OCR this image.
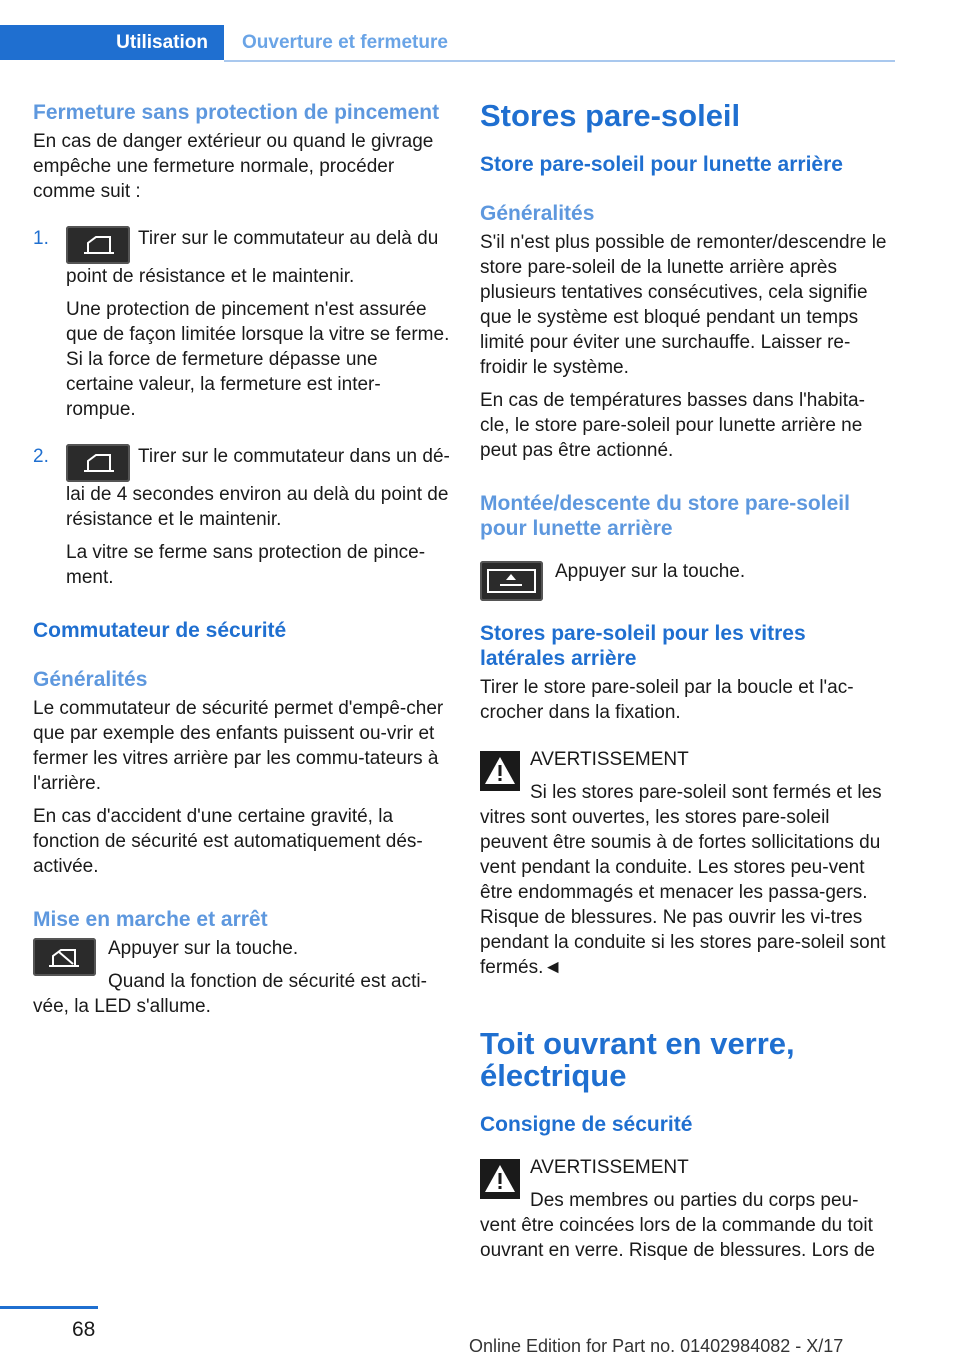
Utilisation	Ouverture et fermeture
Fermeture sans protection de pincement

En cas de danger extérieur ou quand le givrage empêche une fermeture normale, procéder comme suit :

1.	Tirer sur le commutateur au delà du point de résistance et le maintenir.

Une protection de pincement n'est assurée que de façon limitée lorsque la vitre se ferme. Si la force de fermeture dépasse une certaine valeur, la fermeture est inter-rompue.

2.	Tirer sur le commutateur dans un dé-lai de 4 secondes environ au delà du point de résistance et le maintenir.

La vitre se ferme sans protection de pince-ment.

Commutateur de sécurité
Généralités

Le commutateur de sécurité permet d'empê-cher que par exemple des enfants puissent ou-vrir et fermer les vitres arrière par les commu-tateurs à l'arrière.

En cas d'accident d'une certaine gravité, la fonction de sécurité est automatiquement dés-activée.

Mise en marche et arrêt

Appuyer sur la touche.

Quand la fonction de sécurité est acti-vée, la LED s'allume.

Stores pare-soleil
Store pare-soleil pour lunette arrière
Généralités

S'il n'est plus possible de remonter/descendre le store pare-soleil de la lunette arrière après plusieurs tentatives consécutives, cela signifie que le système est bloqué pendant un temps limité pour éviter une surchauffe. Laisser re-froidir le système.

En cas de températures basses dans l'habita-cle, le store pare-soleil pour lunette arrière ne peut pas être actionné.

Montée/descente du store pare-soleil pour lunette arrière

Appuyer sur la touche.

Stores pare-soleil pour les vitres latérales arrière

Tirer le store pare-soleil par la boucle et l'ac-crocher dans la fixation.

AVERTISSEMENT

Si les stores pare-soleil sont fermés et les vitres sont ouvertes, les stores pare-soleil peuvent être soumis à de fortes sollicitations du vent pendant la conduite. Les stores peu-vent être endommagés et menacer les passa-gers. Risque de blessures. Ne pas ouvrir les vi-tres pendant la conduite si les stores pare-soleil sont fermés.◄

Toit ouvrant en verre, électrique
Consigne de sécurité

AVERTISSEMENT

Des membres ou parties du corps peu-vent être coincées lors de la commande du toit ouvrant en verre. Risque de blessures. Lors de

68
Online Edition for Part no. 01402984082 - X/17
